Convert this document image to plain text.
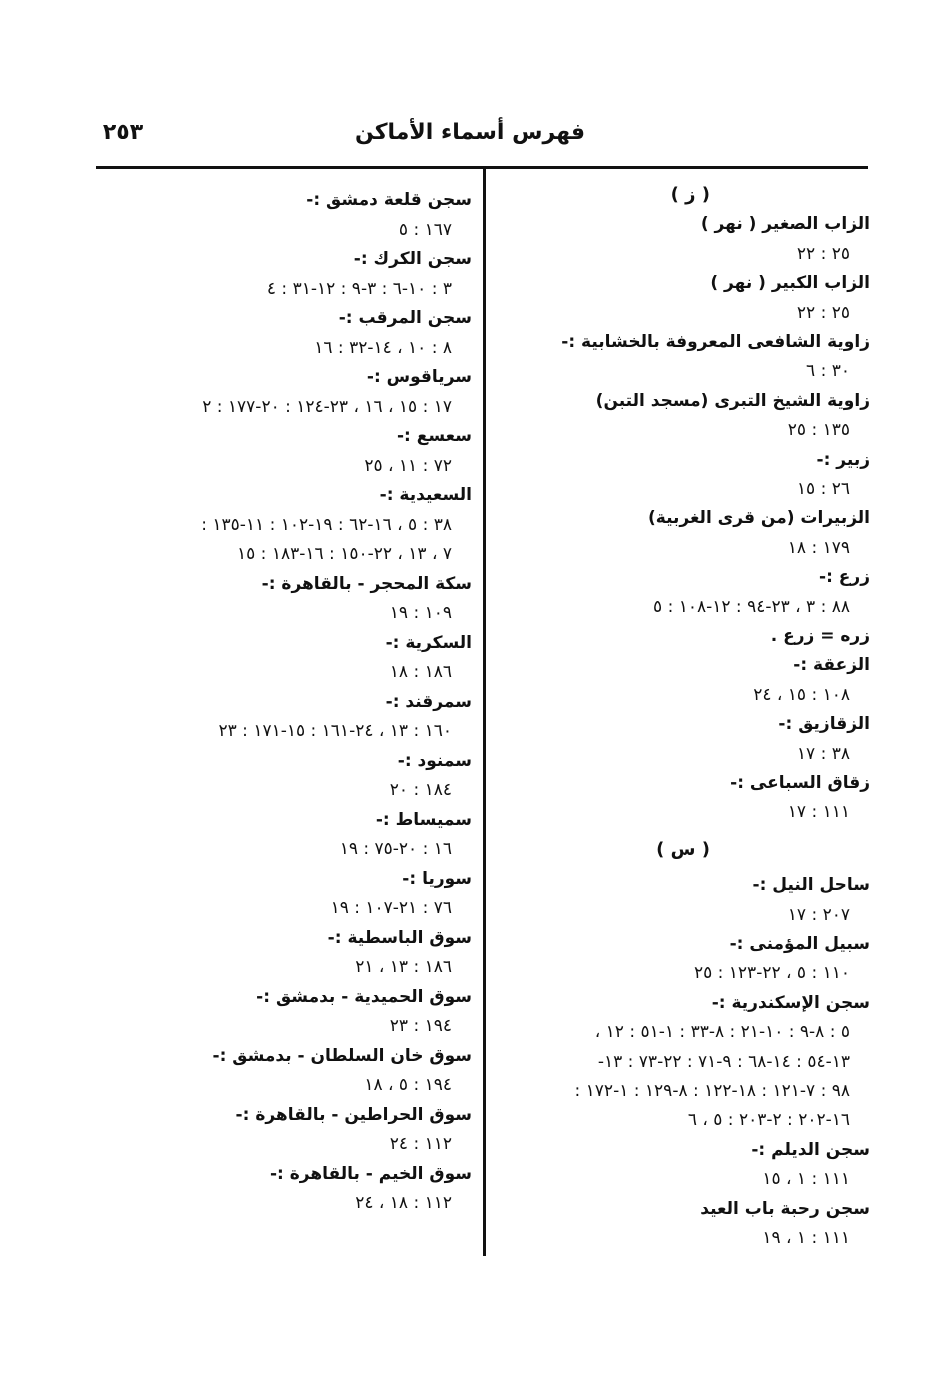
فهرس أسماء الأماكن
٢٥٣
( ز )
الزاب الصغير ( نهر )
٢٥ : ٢٢
الزاب الكبير ( نهر )
٢٥ : ٢٢
زاوية الشافعى المعروفة بالخشابية :-
٣٠ : ٦
زاوية الشيخ التبرى (مسجد التبن)
١٣٥ : ٢٥
زبير :-
٢٦ : ١٥
الزبيرات (من قرى الغربية)
١٧٩ : ١٨
زرع :-
٨٨ : ٣ ، ٢٣-٩٤ : ١٢-١٠٨ : ٥
زره = زرع .
الزعقة :-
١٠٨ : ١٥ ، ٢٤
الزقازيق :-
٣٨ : ١٧
زقاق السباعى :-
١١١ : ١٧
( س )
ساحل النيل :-
٢٠٧ : ١٧
سبيل المؤمنى :-
١١٠ : ٥ ، ٢٢-١٢٣ : ٢٥
سجن الإسكندرية :-
٥ : ٨-٩ : ١٠-٢١ : ٨-٣٣ : ١-٥١ : ١٢ ،
١٣-٥٤ : ١٤-٦٨ : ٩-٧١ : ٢٢-٧٣ : ١٣-
٩٨ : ٧-١٢١ : ١٨-١٢٢ : ٨-١٢٩ : ١-١٧٢ :
١٦-٢٠٢ : ٢-٢٠٣ : ٥ ، ٦
سجن الديلم :-
١١١ : ١ ، ١٥
سجن رحبة باب العيد
١١١ : ١ ، ١٩
سجن قلعة دمشق :-
١٦٧ : ٥
سجن الكرك :-
٣ : ١٠-٦ : ٣-٩ : ١٢-٣١ : ٤
سجن المرقب :-
٨ : ١٠ ، ١٤-٣٢ : ١٦
سرياقوس :-
١٧ : ١٥ ، ١٦ ، ٢٣-١٢٤ : ٢٠-١٧٧ : ٢
سعسع :-
٧٢ : ١١ ، ٢٥
السعيدية :-
٣٨ : ٥ ، ١٦-٦٢ : ١٩-١٠٢ : ١١-١٣٥ :
٧ ، ١٣ ، ٢٢-١٥٠ : ١٦-١٨٣ : ١٥
سكة المحجر - بالقاهرة :-
١٠٩ : ١٩
السكرية :-
١٨٦ : ١٨
سمرقند :-
١٦٠ : ١٣ ، ٢٤-١٦١ : ١٥-١٧١ : ٢٣
سمنود :-
١٨٤ : ٢٠
سميساط :-
١٦ : ٢٠-٧٥ : ١٩
سوريا :-
٧٦ : ٢١-١٠٧ : ١٩
سوق الباسطية :-
١٨٦ : ١٣ ، ٢١
سوق الحميدية - بدمشق :-
١٩٤ : ٢٣
سوق خان السلطان - بدمشق :-
١٩٤ : ٥ ، ١٨
سوق الحراطين - بالقاهرة :-
١١٢ : ٢٤
سوق الخيم - بالقاهرة :-
١١٢ : ١٨ ، ٢٤
